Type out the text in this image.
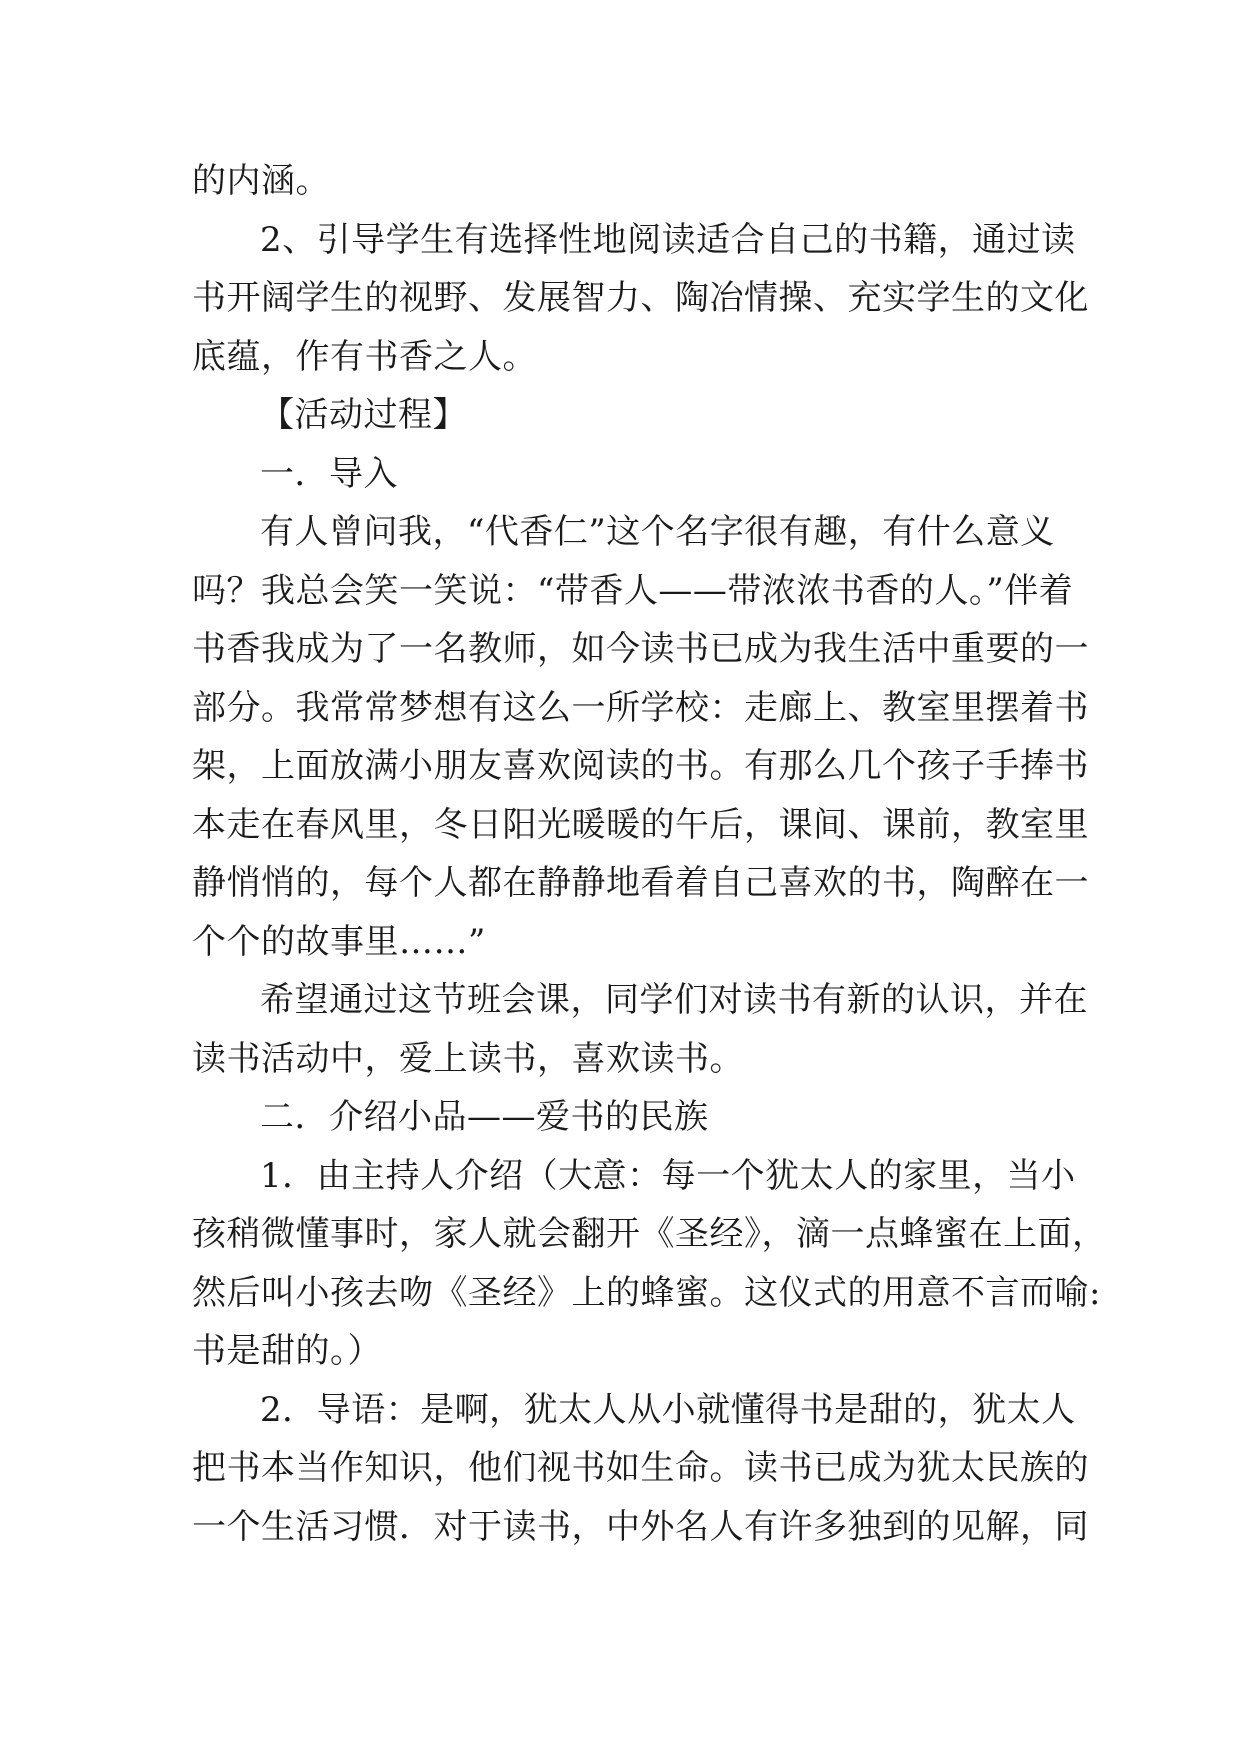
的内涵。
2、引导学生有选择性地阅读适合自己的书籍，通过读
书开阔学生的视野、发展智力、陶冶情操、充实学生的文化
底蕴，作有书香之人。
【活动过程】
一．导入
有人曾问我，“代香仁”这个名字很有趣，有什么意义
吗？我总会笑一笑说：“带香人——带浓浓书香的人。”伴着
书香我成为了一名教师，如今读书已成为我生活中重要的一
部分。我常常梦想有这么一所学校：走廊上、教室里摆着书
架，上面放满小朋友喜欢阅读的书。有那么几个孩子手捧书
本走在春风里，冬日阳光暖暖的午后，课间、课前，教室里
静悄悄的，每个人都在静静地看着自己喜欢的书，陶醉在一
个个的故事里……”
希望通过这节班会课，同学们对读书有新的认识，并在
读书活动中，爱上读书，喜欢读书。
二．介绍小品——爱书的民族
1．由主持人介绍（大意：每一个犹太人的家里，当小
孩稍微懂事时，家人就会翻开《圣经》，滴一点蜂蜜在上面，
然后叫小孩去吻《圣经》上的蜂蜜。这仪式的用意不言而喻:
书是甜的。）
2．导语：是啊，犹太人从小就懂得书是甜的，犹太人
把书本当作知识，他们视书如生命。读书已成为犹太民族的
一个生活习惯．对于读书，中外名人有许多独到的见解，同
